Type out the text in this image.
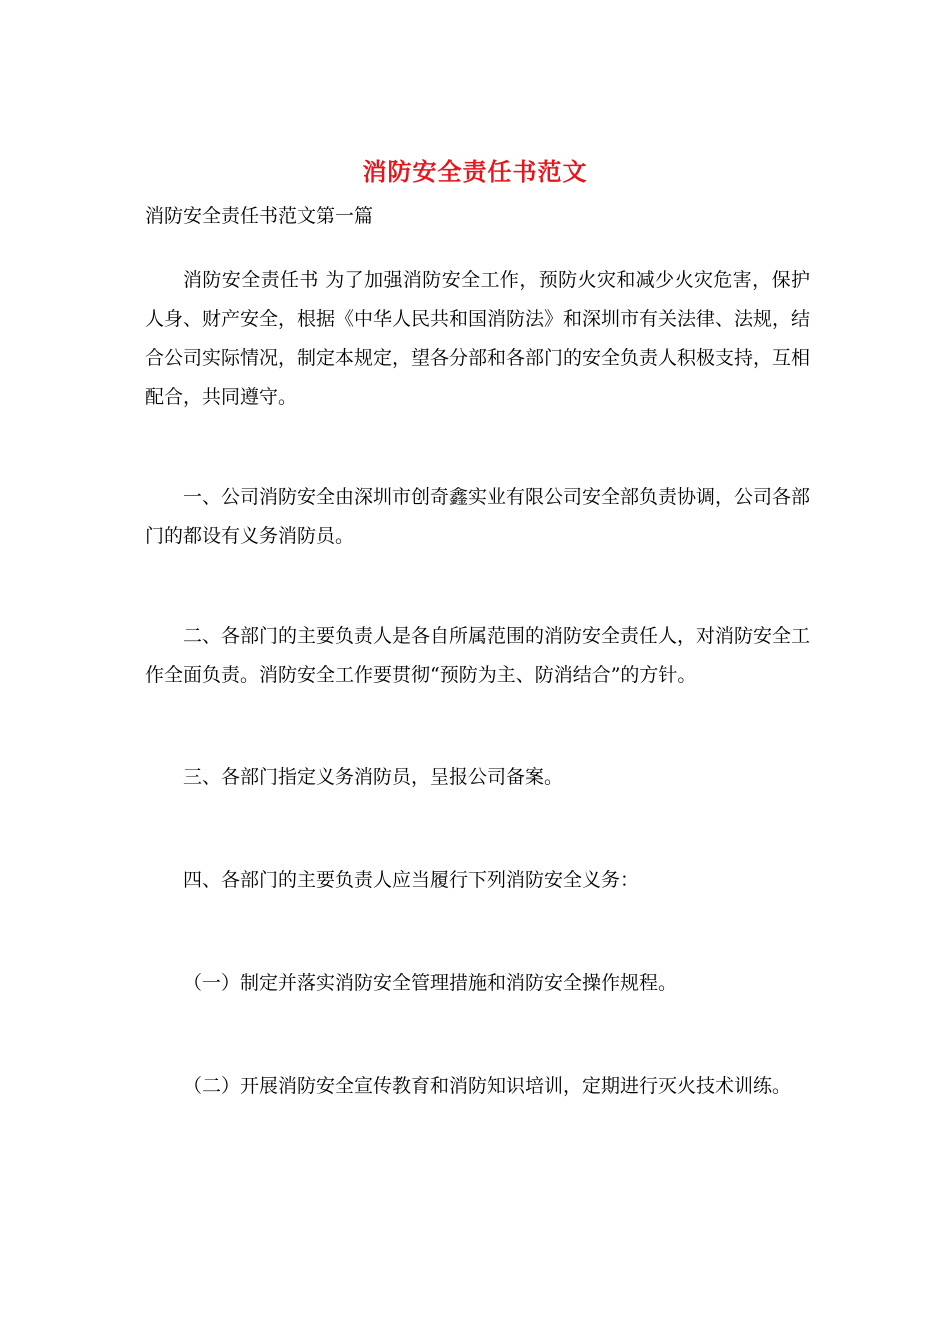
消防安全责任书范文
消防安全责任书范文第一篇
消防安全责任书 为了加强消防安全工作，预防火灾和减少火灾危害，保护人身、财产安全，根据《中华人民共和国消防法》和深圳市有关法律、法规，结合公司实际情况，制定本规定，望各分部和各部门的安全负责人积极支持，互相配合，共同遵守。
一、公司消防安全由深圳市创奇鑫实业有限公司安全部负责协调，公司各部门的都设有义务消防员。
二、各部门的主要负责人是各自所属范围的消防安全责任人，对消防安全工作全面负责。消防安全工作要贯彻“预防为主、防消结合”的方针。
三、各部门指定义务消防员，呈报公司备案。
四、各部门的主要负责人应当履行下列消防安全义务：
（一）制定并落实消防安全管理措施和消防安全操作规程。
（二）开展消防安全宣传教育和消防知识培训，定期进行灭火技术训练。
